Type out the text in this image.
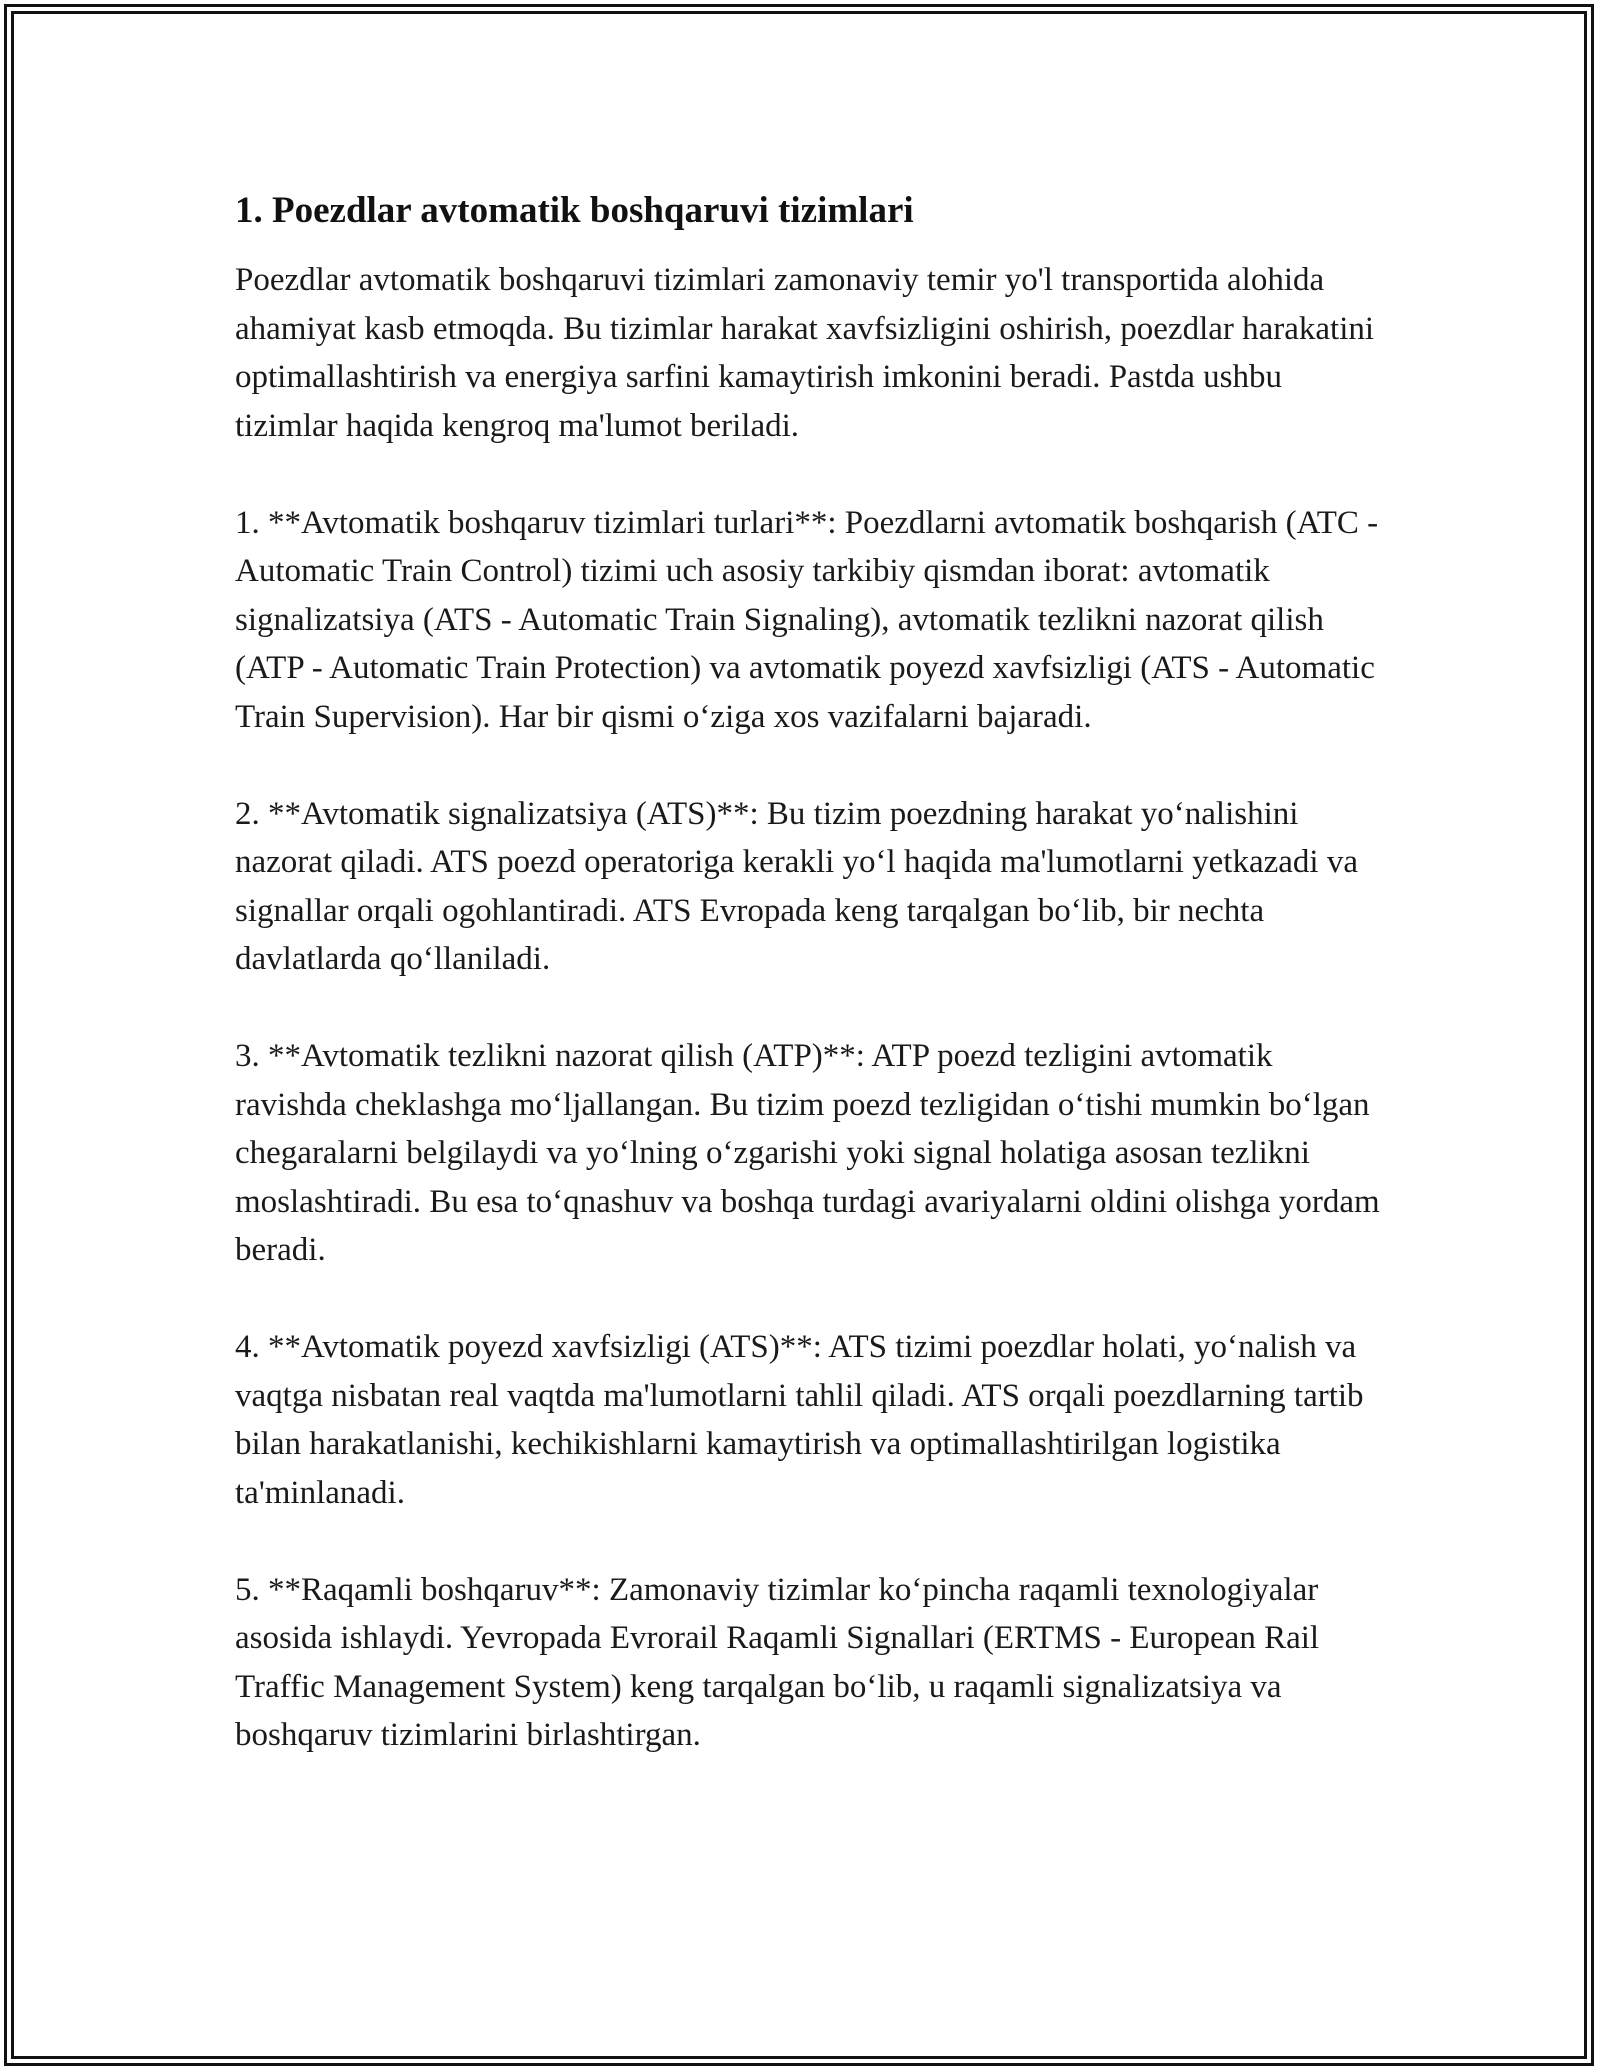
1. Poezdlar avtomatik boshqaruvi tizimlari

Poezdlar avtomatik boshqaruvi tizimlari zamonaviy temir yo'l transportida alohida ahamiyat kasb etmoqda. Bu tizimlar harakat xavfsizligini oshirish, poezdlar harakatini optimallashtirish va energiya sarfini kamaytirish imkonini beradi. Pastda ushbu tizimlar haqida kengroq ma'lumot beriladi.

1. **Avtomatik boshqaruv tizimlari turlari**: Poezdlarni avtomatik boshqarish (ATC - Automatic Train Control) tizimi uch asosiy tarkibiy qismdan iborat: avtomatik signalizatsiya (ATS - Automatic Train Signaling), avtomatik tezlikni nazorat qilish (ATP - Automatic Train Protection) va avtomatik poyezd xavfsizligi (ATS - Automatic Train Supervision). Har bir qismi o‘ziga xos vazifalarni bajaradi.

2. **Avtomatik signalizatsiya (ATS)**: Bu tizim poezdning harakat yo‘nalishini nazorat qiladi. ATS poezd operatoriga kerakli yo‘l haqida ma'lumotlarni yetkazadi va signallar orqali ogohlantiradi. ATS Evropada keng tarqalgan bo‘lib, bir nechta davlatlarda qo‘llaniladi.

3. **Avtomatik tezlikni nazorat qilish (ATP)**: ATP poezd tezligini avtomatik ravishda cheklashga mo‘ljallangan. Bu tizim poezd tezligidan o‘tishi mumkin bo‘lgan chegaralarni belgilaydi va yo‘lning o‘zgarishi yoki signal holatiga asosan tezlikni moslashtiradi. Bu esa to‘qnashuv va boshqa turdagi avariyalarni oldini olishga yordam beradi.

4. **Avtomatik poyezd xavfsizligi (ATS)**: ATS tizimi poezdlar holati, yo‘nalish va vaqtga nisbatan real vaqtda ma'lumotlarni tahlil qiladi. ATS orqali poezdlarning tartib bilan harakatlanishi, kechikishlarni kamaytirish va optimallashtirilgan logistika ta'minlanadi.

5. **Raqamli boshqaruv**: Zamonaviy tizimlar ko‘pincha raqamli texnologiyalar asosida ishlaydi. Yevropada Evrorail Raqamli Signallari (ERTMS - European Rail Traffic Management System) keng tarqalgan bo‘lib, u raqamli signalizatsiya va boshqaruv tizimlarini birlashtirgan.
